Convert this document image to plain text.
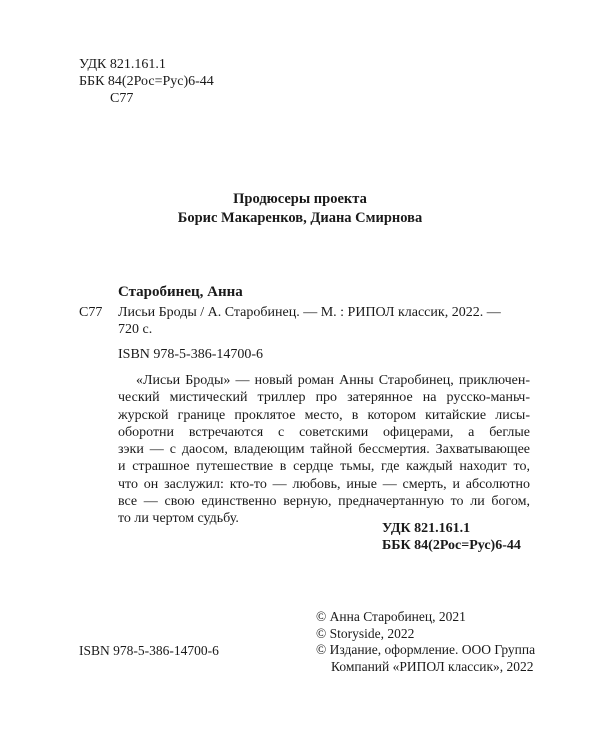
УДК 821.161.1
ББК 84(2Рос=Рус)6-44
С77
Продюсеры проекта
Борис Макаренков, Диана Смирнова
Старобинец, Анна
С77 Лисьи Броды / А. Старобинец. — М. : РИПОЛ классик, 2022. —
720 с.
ISBN 978-5-386-14700-6
«Лисьи Броды» — новый роман Анны Старобинец, приключен-
ческий мистический триллер про затерянное на русско-маньч-
журской границе проклятое место, в котором китайские лисы-
оборотни встречаются с советскими офицерами, а беглые
зэки — с даосом, владеющим тайной бессмертия. Захватывающее
и страшное путешествие в сердце тьмы, где каждый находит то,
что он заслужил: кто-то — любовь, иные — смерть, и абсолютно
все — свою единственно верную, предначертанную то ли богом,
то ли чертом судьбу.
УДК 821.161.1
ББК 84(2Рос=Рус)6-44
© Анна Старобинец, 2021
© Storyside, 2022
© Издание, оформление. ООО Группа
Компаний «РИПОЛ классик», 2022
ISBN 978-5-386-14700-6
